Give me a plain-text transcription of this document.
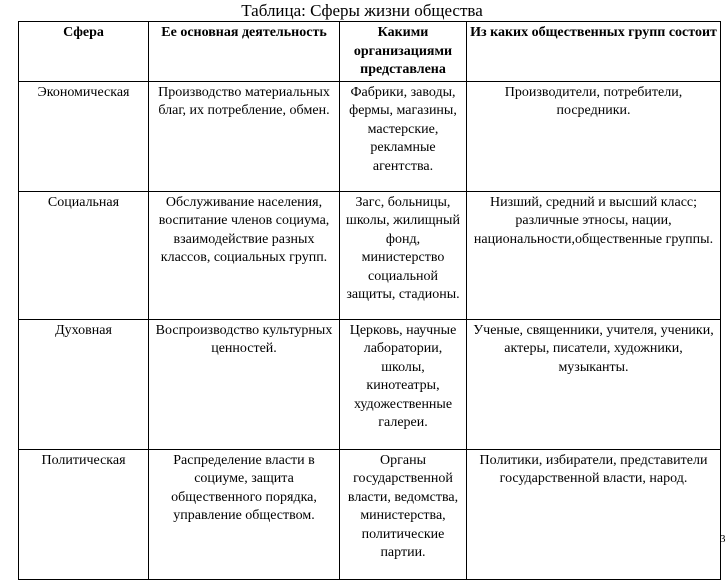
Таблица: Сферы жизни общества
Сфера	Ее основная деятельность	Какими организациями представлена	Из каких общественных групп состоит
Экономическая	Производство материальных благ, их потребление, обмен.	Фабрики, заводы, фермы, магазины, мастерские, рекламные агентства.	Производители, потребители, посредники.
Социальная	Обслуживание населения, воспитание членов социума, взаимодействие разных классов, социальных групп.	Загс, больницы, школы, жилищный фонд, министерство социальной защиты, стадионы.	Низший, средний и высший класс; различные этносы, нации, национальности,общественные группы.
Духовная	Воспроизводство культурных ценностей.	Церковь, научные лаборатории, школы, кинотеатры, художественные галереи.	Ученые, священники, учителя, ученики, актеры, писатели, художники, музыканты.
Политическая	Распределение власти в социуме, защита общественного порядка, управление обществом.	Органы государственной власти, ведомства, министерства, политические партии.	Политики, избиратели, представители государственной власти, народ.
3
